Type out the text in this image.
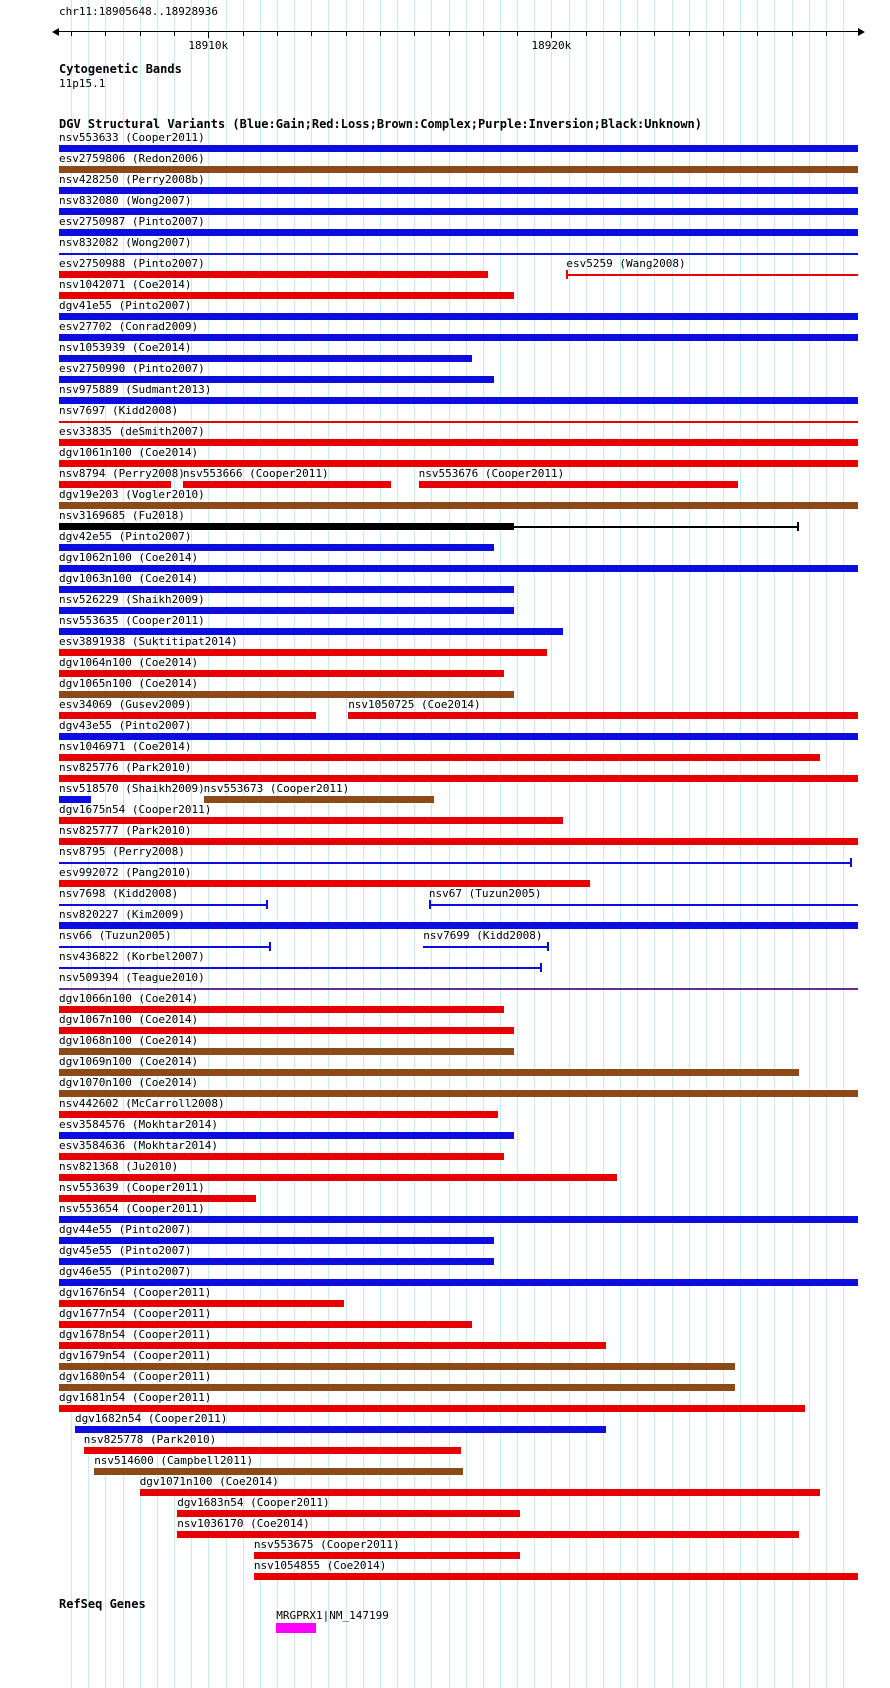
chr11:18905648..18928936
18910k	18920k
Cytogenetic Bands
11p15.1
DGV Structural Variants (Blue:Gain;Red:Loss;Brown:Complex;Purple:Inversion;Black:Unknown)
nsv553633 (Cooper2011)
esv2759806 (Redon2006)
nsv428250 (Perry2008b)
nsv832080 (Wong2007)
esv2750987 (Pinto2007)
nsv832082 (Wong2007)
esv2750988 (Pinto2007)	esv5259 (Wang2008)
nsv1042071 (Coe2014)
dgv41e55 (Pinto2007)
esv27702 (Conrad2009)
nsv1053939 (Coe2014)
esv2750990 (Pinto2007)
nsv975889 (Sudmant2013)
nsv7697 (Kidd2008)
esv33835 (deSmith2007)
dgv1061n100 (Coe2014)
nsv8794 (Perry2008)
nsv553666 (Cooper2011)	nsv553676 (Cooper2011)
dgv19e203 (Vogler2010)
nsv3169685 (Fu2018)
dgv42e55 (Pinto2007)
dgv1062n100 (Coe2014)
dgv1063n100 (Coe2014)
nsv526229 (Shaikh2009)
nsv553635 (Cooper2011)
esv3891938 (Suktitipat2014)
dgv1064n100 (Coe2014)
dgv1065n100 (Coe2014)
esv34069 (Gusev2009)	nsv1050725 (Coe2014)
dgv43e55 (Pinto2007)
nsv1046971 (Coe2014)
nsv825776 (Park2010)
nsv518570 (Shaikh2009)
nsv553673 (Cooper2011)
dgv1675n54 (Cooper2011)
nsv825777 (Park2010)
nsv8795 (Perry2008)
esv992072 (Pang2010)
nsv7698 (Kidd2008)	nsv67 (Tuzun2005)
nsv820227 (Kim2009)
nsv66 (Tuzun2005)	nsv7699 (Kidd2008)
nsv436822 (Korbel2007)
nsv509394 (Teague2010)
dgv1066n100 (Coe2014)
dgv1067n100 (Coe2014)
dgv1068n100 (Coe2014)
dgv1069n100 (Coe2014)
dgv1070n100 (Coe2014)
nsv442602 (McCarroll2008)
esv3584576 (Mokhtar2014)
esv3584636 (Mokhtar2014)
nsv821368 (Ju2010)
nsv553639 (Cooper2011)
nsv553654 (Cooper2011)
dgv44e55 (Pinto2007)
dgv45e55 (Pinto2007)
dgv46e55 (Pinto2007)
dgv1676n54 (Cooper2011)
dgv1677n54 (Cooper2011)
dgv1678n54 (Cooper2011)
dgv1679n54 (Cooper2011)
dgv1680n54 (Cooper2011)
dgv1681n54 (Cooper2011)
dgv1682n54 (Cooper2011)
nsv825778 (Park2010)
nsv514600 (Campbell2011)
dgv1071n100 (Coe2014)
dgv1683n54 (Cooper2011)
nsv1036170 (Coe2014)
nsv553675 (Cooper2011)
nsv1054855 (Coe2014)
RefSeq Genes
MRGPRX1|NM_147199
